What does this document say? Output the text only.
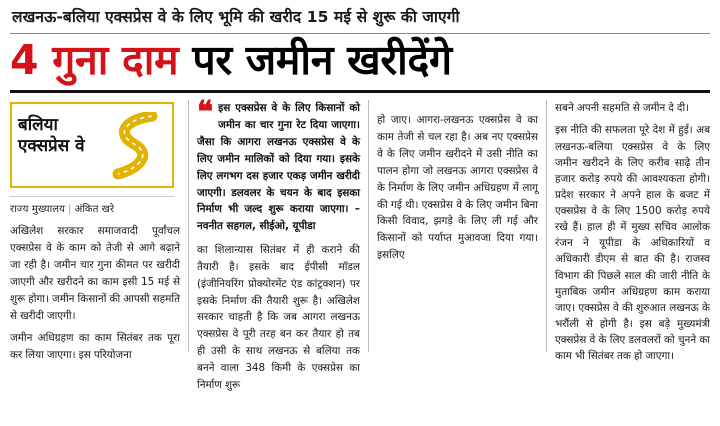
लखनऊ-बलिया एक्सप्रेस वे के लिए भूमि की खरीद 15 मई से शुरू की जाएगी
4 गुना दाम पर जमीन खरीदेंगे
बलिया
एक्सप्रेस वे
राज्य मुख्यालय | अंकित खरे

अखिलेश सरकार समाजवादी पूर्वांचल एक्सप्रेस वे के काम को तेजी से आगे बढ़ाने जा रही है। जमीन चार गुना कीमत पर खरीदी जाएगी और खरीदने का काम इसी 15 मई से शुरू होगा। जमीन किसानों की आपसी सहमति से खरीदी जाएगी।

जमीन अधिग्रहण का काम सितंबर तक पूरा कर लिया जाएगा। इस परियोजना

❝ इस एक्सप्रेस वे के लिए किसानों को जमीन का चार गुना रेट दिया जाएगा। जैसा कि आगरा लखनऊ एक्सप्रेस वे के लिए जमीन मालिकों को दिया गया। इसके लिए लगभग दस हजार एकड़ जमीन खरीदी जाएगी। डलवलर के चयन के बाद इसका निर्माण भी जल्द शुरू कराया जाएगा। –नवनीत सहगल, सीईओ, यूपीडा

का शिलान्यास सितंबर में ही कराने की तैयारी है। इसके बाद ईपीसी मॉडल (इंजीनियरिंग प्रोक्योरमेंट एंड कांट्रक्शन) पर इसके निर्माण की तैयारी शुरू है। अखिलेश सरकार चाहती है कि जब आगरा लखनऊ एक्सप्रेस वे पूरी तरह बन कर तैयार हो तब ही उसी के साथ लखनऊ से बलिया तक बनने वाला 348 किमी के एक्सप्रेस का निर्माण शुरू

हो जाए। आगरा-लखनऊ एक्सप्रेस वे का काम तेजी से चल रहा है। अब नए एक्सप्रेस वे के लिए जमीन खरीदने में उसी नीति का पालन होगा जो लखनऊ आगरा एक्सप्रेस वे के निर्माण के लिए जमीन अधिग्रहण में लागू की गई थी। एक्सप्रेस वे के लिए जमीन बिना किसी विवाद, झगड़े के लिए ली गई और किसानों को पर्याप्त मुआवजा दिया गया। इसलिए

सबने अपनी सहमति से जमीन दे दी।

इस नीति की सफलता पूरे देश में हुई। अब लखनऊ-बलिया एक्सप्रेस वे के लिए जमीन खरीदने के लिए करीब साढ़े तीन हजार करोड़ रुपये की आवश्यकता होगी। प्रदेश सरकार ने अपने हाल के बजट में एक्सप्रेस वे के लिए 1500 करोड़ रुपये रखे हैं। हाल ही में मुख्य सचिव आलोक रंजन ने यूपीडा के अधिकारियों व अधिकारी डीएम से बात की है। राजस्व विभाग की पिछले साल की जारी नीति के मुताबिक जमीन अधिग्रहण काम कराया जाए। एक्सप्रेस वे की शुरुआत लखनऊ के भरौंली से होगी है। इस बड़े मुख्यमंत्री एक्सप्रेस वे के लिए डलवलरों को चुनने का काम भी सितंबर तक हो जाएगा।
